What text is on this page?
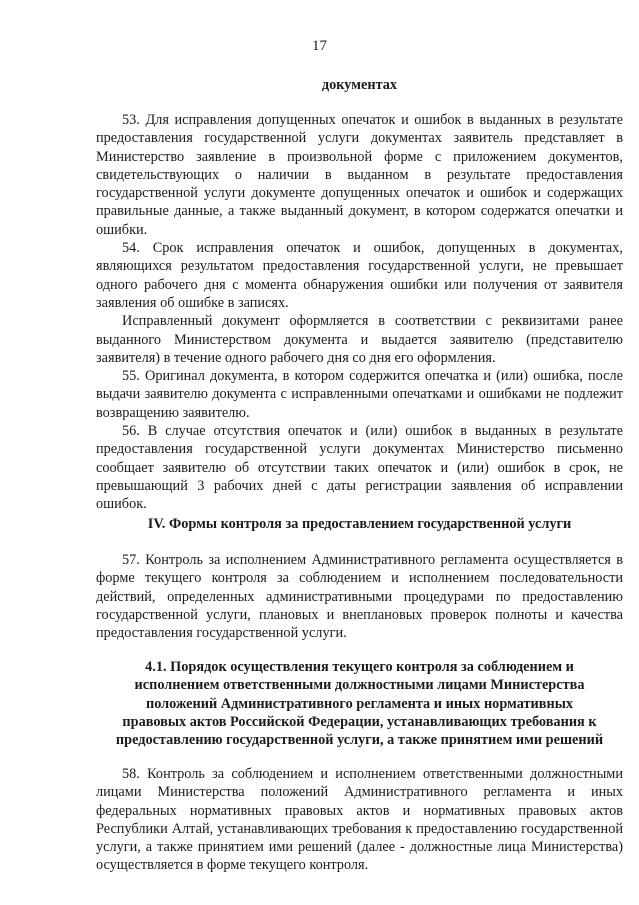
17

документах

53. Для исправления допущенных опечаток и ошибок в выданных в результате предоставления государственной услуги документах заявитель представляет в Министерство заявление в произвольной форме с приложением документов, свидетельствующих о наличии в выданном в результате предоставления государственной услуги документе допущенных опечаток и ошибок и содержащих правильные данные, а также выданный документ, в котором содержатся опечатки и ошибки.

54. Срок исправления опечаток и ошибок, допущенных в документах, являющихся результатом предоставления государственной услуги, не превышает одного рабочего дня с момента обнаружения ошибки или получения от заявителя заявления об ошибке в записях.

Исправленный документ оформляется в соответствии с реквизитами ранее выданного Министерством документа и выдается заявителю (представителю заявителя) в течение одного рабочего дня со дня его оформления.

55. Оригинал документа, в котором содержится опечатка и (или) ошибка, после выдачи заявителю документа с исправленными опечатками и ошибками не подлежит возвращению заявителю.

56. В случае отсутствия опечаток и (или) ошибок в выданных в результате предоставления государственной услуги документах Министерство письменно сообщает заявителю об отсутствии таких опечаток и (или) ошибок в срок, не превышающий 3 рабочих дней с даты регистрации заявления об исправлении ошибок.

IV. Формы контроля за предоставлением государственной услуги

57. Контроль за исполнением Административного регламента осуществляется в форме текущего контроля за соблюдением и исполнением последовательности действий, определенных административными процедурами по предоставлению государственной услуги, плановых и внеплановых проверок полноты и качества предоставления государственной услуги.

4.1. Порядок осуществления текущего контроля за соблюдением и

исполнением ответственными должностными лицами Министерства

положений Административного регламента и иных нормативных

правовых актов Российской Федерации, устанавливающих требования к

предоставлению государственной услуги, а также принятием ими решений

58. Контроль за соблюдением и исполнением ответственными должностными лицами Министерства положений Административного регламента и иных федеральных нормативных правовых актов и нормативных правовых актов Республики Алтай, устанавливающих требования к предоставлению государственной услуги, а также принятием ими решений (далее - должностные лица Министерства) осуществляется в форме текущего контроля.
